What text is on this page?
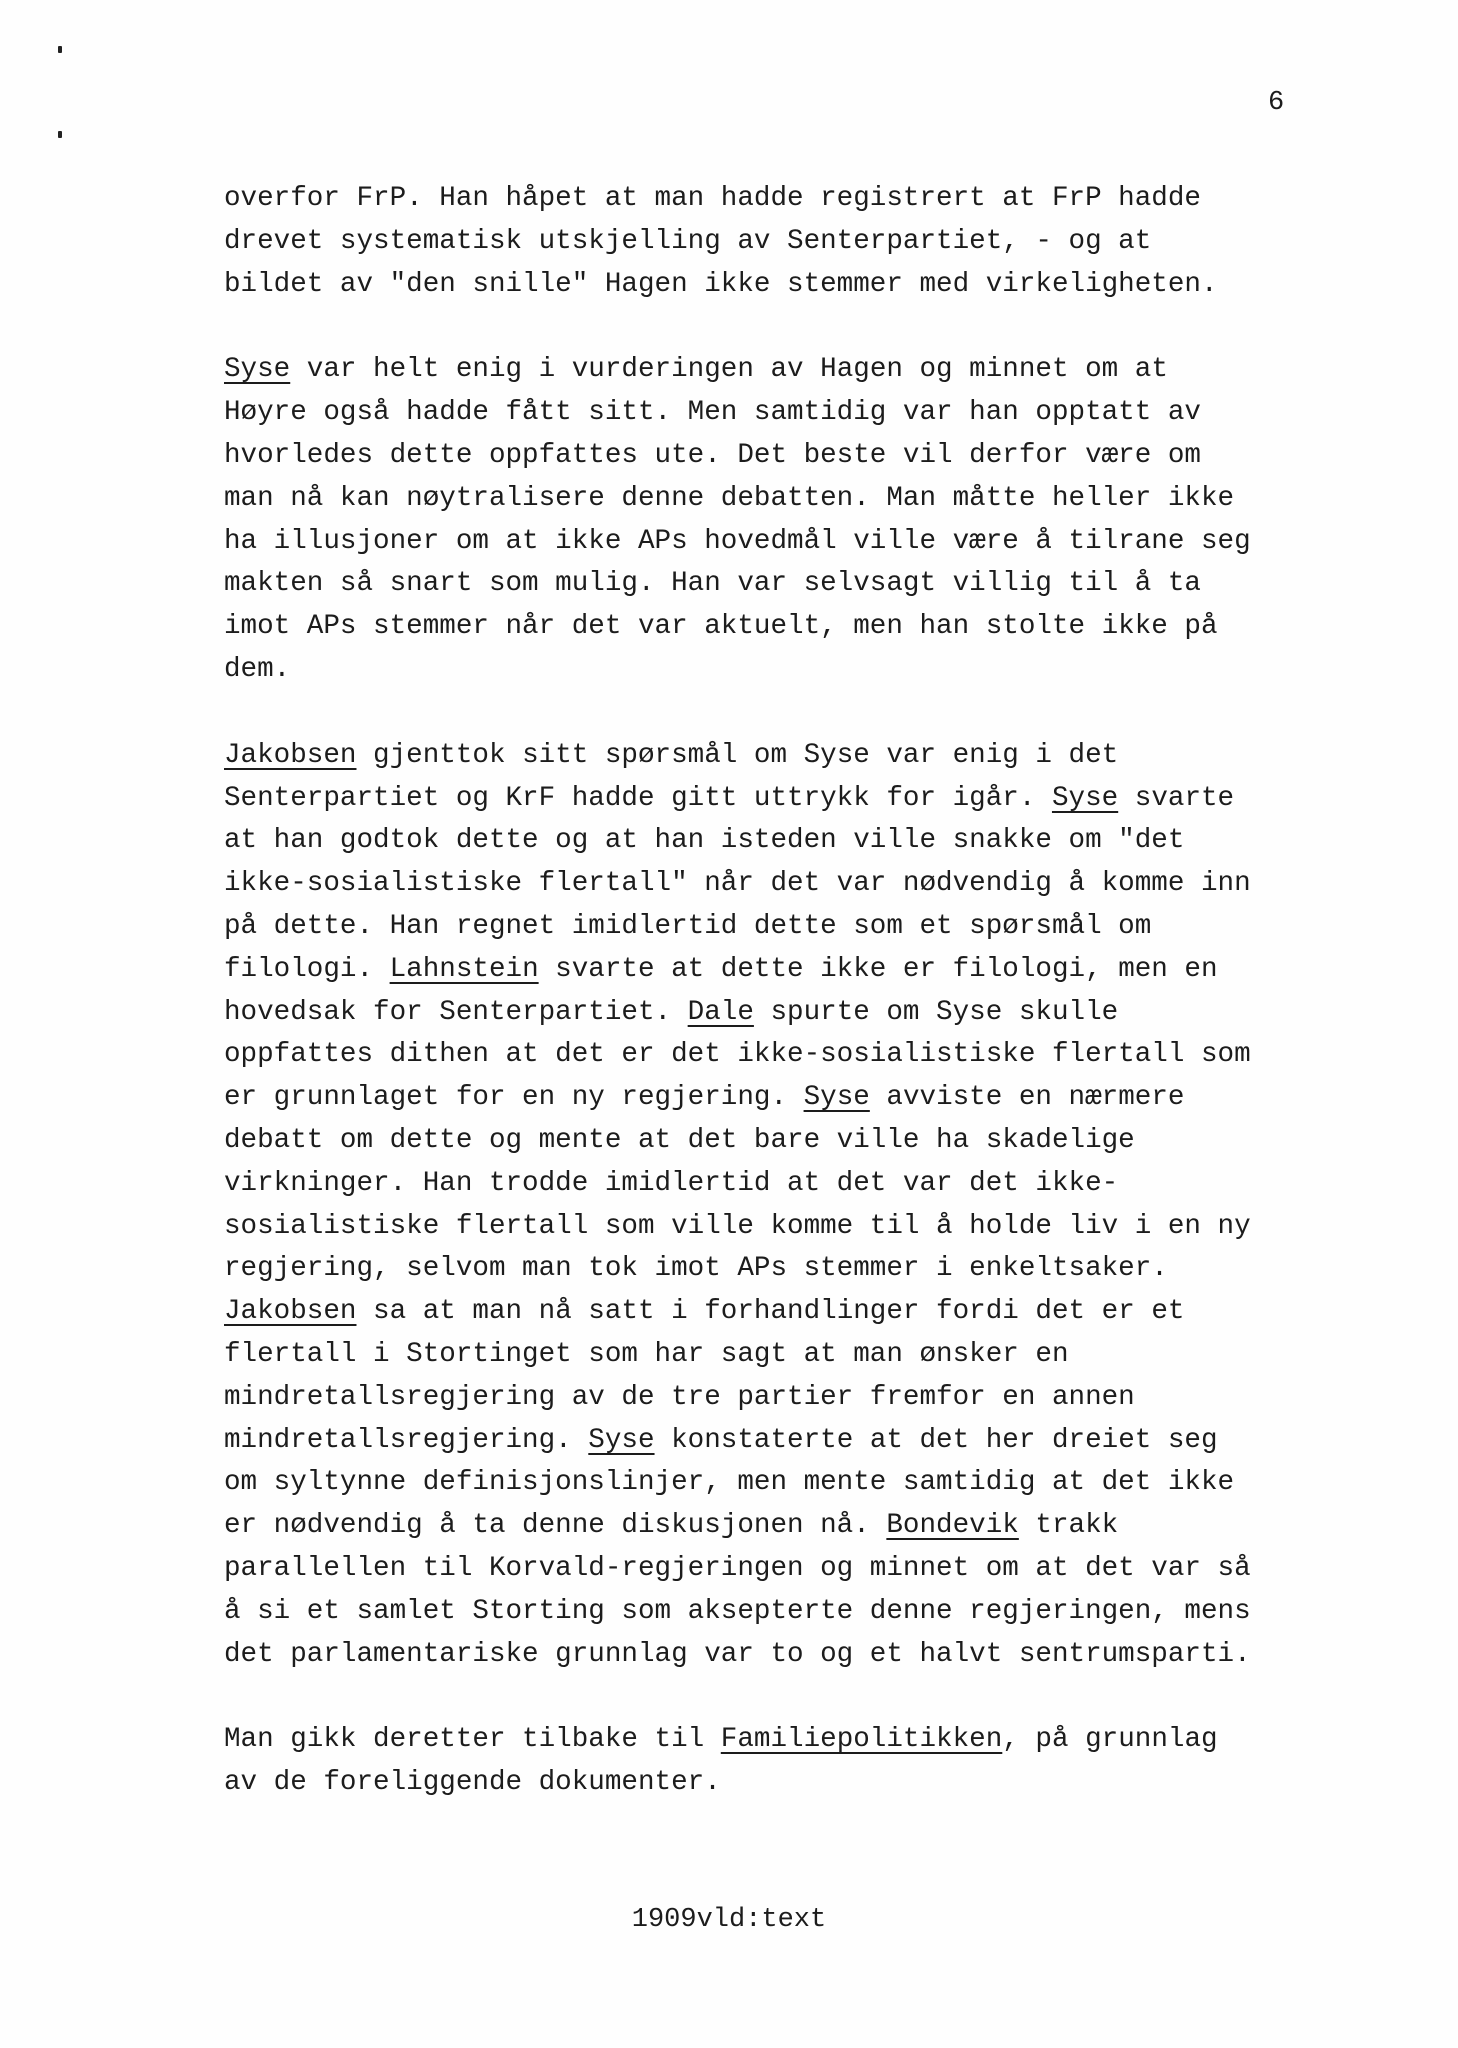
6
overfor FrP. Han håpet at man hadde registrert at FrP hadde
drevet systematisk utskjelling av Senterpartiet, - og at
bildet av "den snille" Hagen ikke stemmer med virkeligheten.
Syse var helt enig i vurderingen av Hagen og minnet om at
Høyre også hadde fått sitt. Men samtidig var han opptatt av
hvorledes dette oppfattes ute. Det beste vil derfor være om
man nå kan nøytralisere denne debatten. Man måtte heller ikke
ha illusjoner om at ikke APs hovedmål ville være å tilrane seg
makten så snart som mulig. Han var selvsagt villig til å ta
imot APs stemmer når det var aktuelt, men han stolte ikke på
dem.
Jakobsen gjenttok sitt spørsmål om Syse var enig i det
Senterpartiet og KrF hadde gitt uttrykk for igår. Syse svarte
at han godtok dette og at han isteden ville snakke om "det
ikke-sosialistiske flertall" når det var nødvendig å komme inn
på dette. Han regnet imidlertid dette som et spørsmål om
filologi. Lahnstein svarte at dette ikke er filologi, men en
hovedsak for Senterpartiet. Dale spurte om Syse skulle
oppfattes dithen at det er det ikke-sosialistiske flertall som
er grunnlaget for en ny regjering. Syse avviste en nærmere
debatt om dette og mente at det bare ville ha skadelige
virkninger. Han trodde imidlertid at det var det ikke-
sosialistiske flertall som ville komme til å holde liv i en ny
regjering, selvom man tok imot APs stemmer i enkeltsaker.
Jakobsen sa at man nå satt i forhandlinger fordi det er et
flertall i Stortinget som har sagt at man ønsker en
mindretallsregjering av de tre partier fremfor en annen
mindretallsregjering. Syse konstaterte at det her dreiet seg
om syltynne definisjonslinjer, men mente samtidig at det ikke
er nødvendig å ta denne diskusjonen nå. Bondevik trakk
parallellen til Korvald-regjeringen og minnet om at det var så
å si et samlet Storting som aksepterte denne regjeringen, mens
det parlamentariske grunnlag var to og et halvt sentrumsparti.
Man gikk deretter tilbake til Familiepolitikken, på grunnlag
av de foreliggende dokumenter.
1909vld:text
